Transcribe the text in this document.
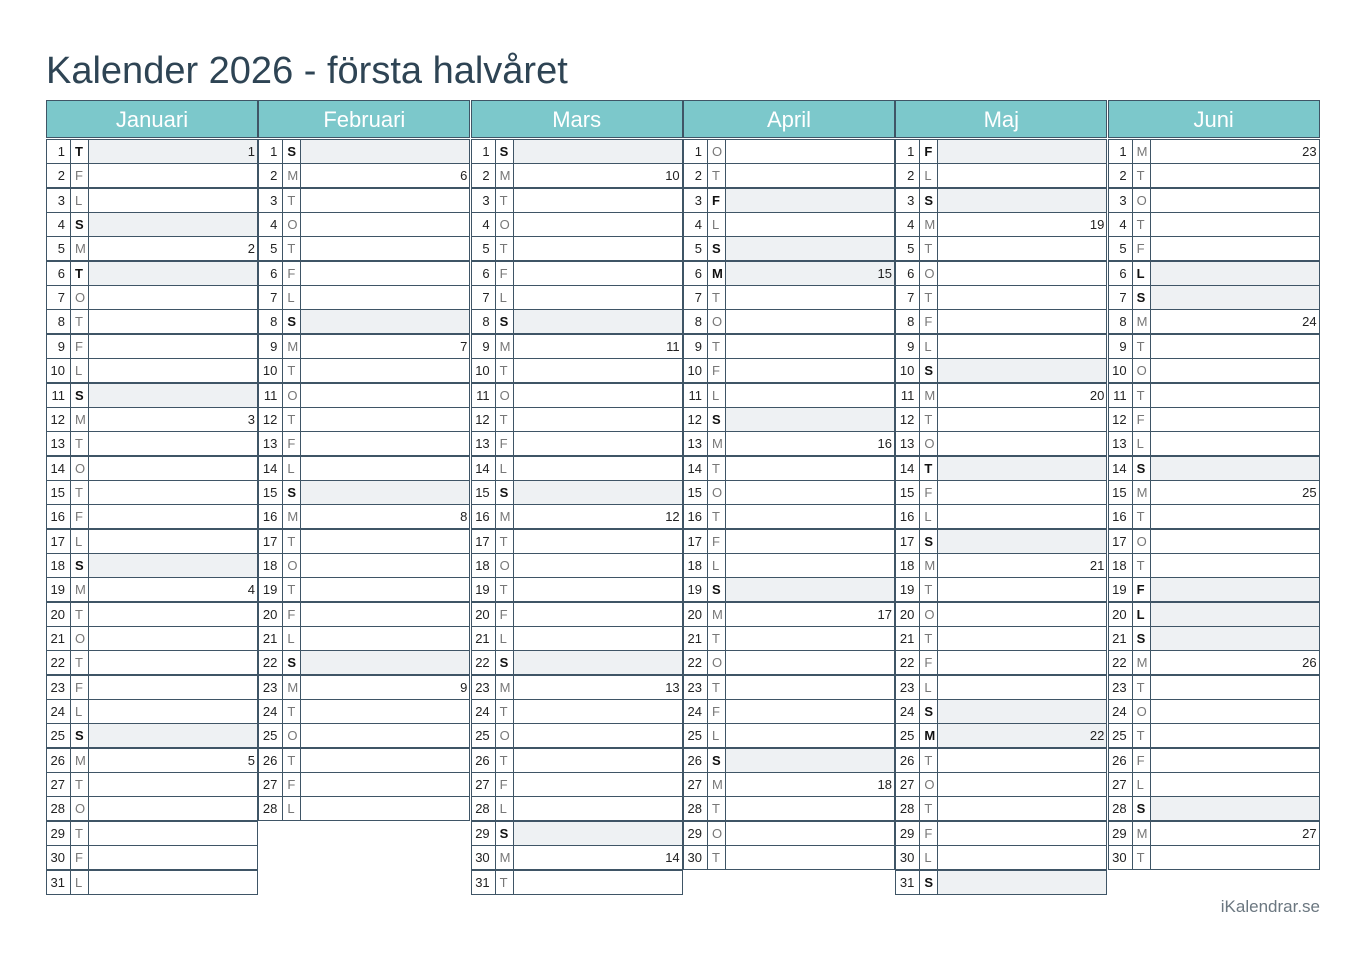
Kalender 2026 - första halvåret
Januari
1 T	1
2 F
3 L
4 S
5 M	2
6 T
7 O
8 T
9 F
10 L
11 S
12 M	3
13 T
14 O
15 T
16 F
17 L
18 S
19 M	4
20 T
21 O
22 T
23 F
24 L
25 S
26 M	5
27 T
28 O
29 T
30 F
31 L
Februari
1 S
2 M	6
3 T
4 O
5 T
6 F
7 L
8 S
9 M	7
10 T
11 O
12 T
13 F
14 L
15 S
16 M	8
17 T
18 O
19 T
20 F
21 L
22 S
23 M	9
24 T
25 O
26 T
27 F
28 L
Mars
1 S
2 M	10
3 T
4 O
5 T
6 F
7 L
8 S
9 M	11
10 T
11 O
12 T
13 F
14 L
15 S
16 M	12
17 T
18 O
19 T
20 F
21 L
22 S
23 M	13
24 T
25 O
26 T
27 F
28 L
29 S
30 M	14
31 T
April
1 O
2 T
3 F
4 L
5 S
6 M	15
7 T
8 O
9 T
10 F
11 L
12 S
13 M	16
14 T
15 O
16 T
17 F
18 L
19 S
20 M	17
21 T
22 O
23 T
24 F
25 L
26 S
27 M	18
28 T
29 O
30 T
Maj
1 F
2 L
3 S
4 M	19
5 T
6 O
7 T
8 F
9 L
10 S
11 M	20
12 T
13 O
14 T
15 F
16 L
17 S
18 M	21
19 T
20 O
21 T
22 F
23 L
24 S
25 M	22
26 T
27 O
28 T
29 F
30 L
31 S
Juni
1 M	23
2 T
3 O
4 T
5 F
6 L
7 S
8 M	24
9 T
10 O
11 T
12 F
13 L
14 S
15 M	25
16 T
17 O
18 T
19 F
20 L
21 S
22 M	26
23 T
24 O
25 T
26 F
27 L
28 S
29 M	27
30 T
iKalendrar.se
